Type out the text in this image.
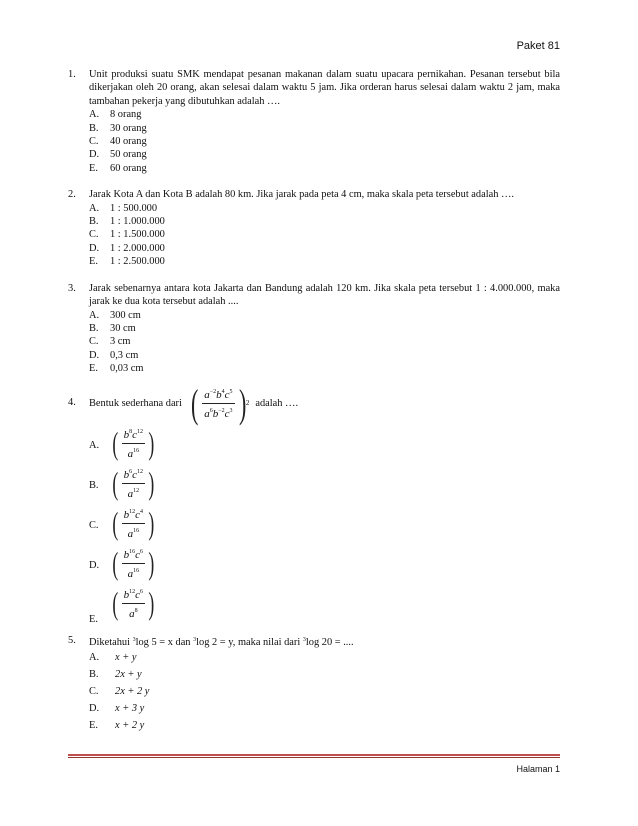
Paket 81
1. Unit produksi suatu SMK mendapat pesanan makanan dalam suatu upacara pernikahan. Pesanan tersebut bila dikerjakan oleh 20 orang, akan selesai dalam waktu 5 jam. Jika orderan harus selesai dalam waktu 2 jam, maka tambahan pekerja yang dibutuhkan adalah ….
A. 8 orang
B. 30 orang
C. 40 orang
D. 50 orang
E. 60 orang
2. Jarak Kota A dan Kota B adalah 80 km. Jika jarak pada peta 4 cm, maka skala peta tersebut adalah ….
A. 1 : 500.000
B. 1 : 1.000.000
C. 1 : 1.500.000
D. 1 : 2.000.000
E. 1 : 2.500.000
3. Jarak sebenarnya antara kota Jakarta dan Bandung adalah 120 km. Jika skala peta tersebut 1 : 4.000.000, maka jarak ke dua kota tersebut adalah ....
A. 300 cm
B. 30 cm
C. 3 cm
D. 0,3 cm
E. 0,03 cm
4. Bentuk sederhana dari ( $\frac{a^{-2}b^4c^5}{a^6b^{-2}c^3}$ ) 2 adalah ….
A. ( $\frac{b^8c^{12}}{a^{16}}$ )
B. ( $\frac{b^6c^{12}}{a^{12}}$ )
C. ( $\frac{b^{12}c^4}{a^{16}}$ )
D. ( $\frac{b^{16}c^6}{a^{16}}$ )
E. ( $\frac{b^{12}c^6}{a^8}$ )
5. Diketahui $^3$log 5 = x dan $^3$log 2 = y, maka nilai dari $^3$log 20 = ....
A. x + y
B. 2x + y
C. 2x + 2 y
D. x + 3 y
E. x + 2 y
Halaman 1
